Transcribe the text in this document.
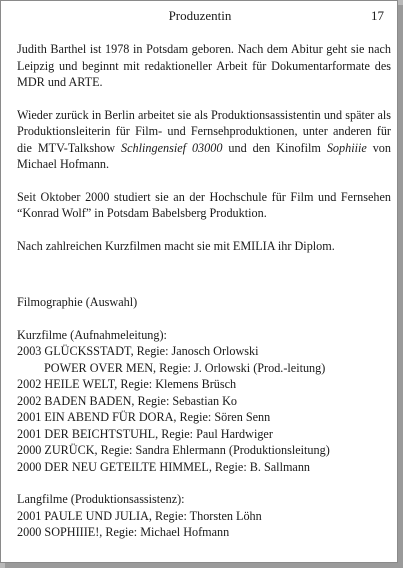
Produzentin	17

Judith Barthel ist 1978 in Potsdam geboren. Nach dem Abitur geht sie nach Leipzig und beginnt mit redaktioneller Arbeit für Dokumentarformate des MDR und ARTE.

Wieder zurück in Berlin arbeitet sie als Produktionsassistentin und später als Produktionsleiterin für Film- und Fernsehproduktionen, unter anderen für die MTV-Talkshow Schlingensief 03000 und den Kinofilm Sophiiie von Michael Hofmann.

Seit Oktober 2000 studiert sie an der Hochschule für Film und Fernsehen “Konrad Wolf” in Potsdam Babelsberg Produktion.

Nach zahlreichen Kurzfilmen macht sie mit EMILIA ihr Diplom.

Filmographie (Auswahl)

Kurzfilme (Aufnahmeleitung):

2003 GLÜCKSSTADT, Regie: Janosch Orlowski
POWER OVER MEN, Regie: J. Orlowski (Prod.-leitung)
2002 HEILE WELT, Regie: Klemens Brüsch
2002 BADEN BADEN, Regie: Sebastian Ko
2001 EIN ABEND FÜR DORA, Regie: Sören Senn
2001 DER BEICHTSTUHL, Regie: Paul Hardwiger
2000 ZURÜCK, Regie: Sandra Ehlermann (Produktionsleitung)
2000 DER NEU GETEILTE HIMMEL, Regie: B. Sallmann

Langfilme (Produktionsassistenz):

2001 PAULE UND JULIA, Regie: Thorsten Löhn
2000 SOPHIIIE!, Regie: Michael Hofmann
